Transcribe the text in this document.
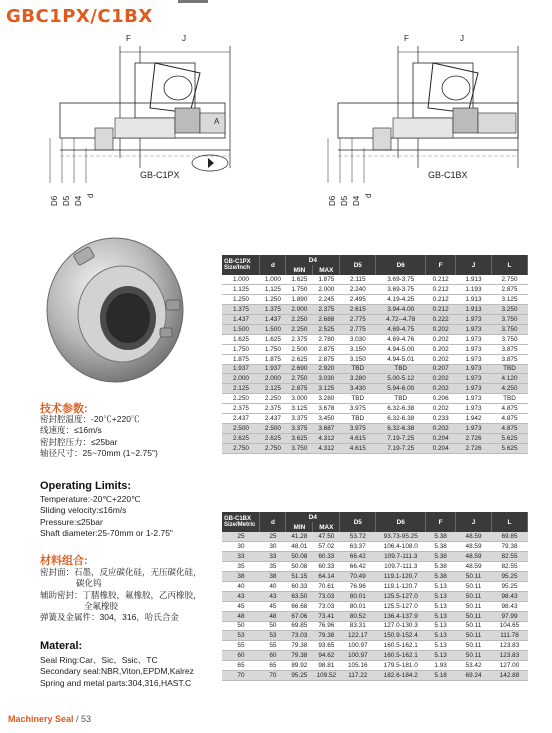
GBC1PX/C1BX
F	J
A
GB-C1PX
D6 D5 D4 d
F	J
GB-C1BX
D6 D5 D4 d
技术参数:
密封腔温度：-20℃+220℃
线速度：≤16m/s
密封腔压力：≤25bar
轴径尺寸：25~70mm (1~2.75")
Operating Limits:
Temperature:-20℃+220℃
Sliding velocity:≤16m/s
Pressure:≤25bar
Shaft diameter:25-70mm or 1-2.75"
材料组合:
密封面：石墨，反应碳化硅，无压碳化硅，
碳化钨
辅助密封：丁腈橡胶，氟橡胶，乙丙橡胶，
全氟橡胶
弹簧及金属件：304，316，哈氏合金
Materal:
Seal Ring:Car、Sic、Ssic、TC
Secondary seal:NBR,Viton,EPDM,Kalrez
Spring and metal parts:304,316,HAST.C
GB-C1PX
Size/Inch	d	D4		D5	D6	F	J	L
		MIN	MAX					
1.000	1.000	1.625	1.875	2.115	3.69-3.75	0.212	1.913	2.750
1.125	1.125	1.750	2.000	2.240	3.69-3.75	0.212	1.193	2.875
1.250	1.250	1.890	2.245	2.495	4.19-4.25	0.212	1.913	3.125
1.375	1.375	2.000	2.375	2.615	3.94-4.00	0.212	1.913	3.250
1.437	1.437	2.250	2.688	2.775	4.72--4.78	0.222	1.973	3.750
1.500	1.500	2.250	2.525	2.775	4.69-4.75	0.202	1.973	3.750
1.625	1.625	2.375	2.780	3.030	4.69-4.76	0.202	1.973	3.750
1.750	1.750	2.500	2.875	3.150	4.94-5.00	0.202	1.973	3.875
1.875	1.875	2.625	2.875	3.150	4.94-5.01	0.202	1.973	3.875
1.937	1.937	2.690	2.920	TBD	TBD	0.207	1.973	TBD
2.000	2.000	2.750	3.030	3.280	5.00-5.12	0.202	1.973	4.120
2.125	2.125	2.875	3.125	3.430	5.94-6.00	0.202	1.973	4.250
2.250	2.250	3.000	3.280	TBD	TBD	0.206	1.973	TBD
2.375	2.375	3.125	3.678	3.975	6.32-6.38	0.202	1.973	4.875
2.437	2.437	3.375	3.450	TBD	6.32-6.38	0.233	1.942	4.875
2.500	2.500	3.375	3.687	3.975	6.32-6.38	0.202	1.973	4.875
2.625	2.625	3.625	4.312	4.615	7.19-7.25	0.204	2.726	5.625
2.750	2.750	3.750	4.312	4.615	7.19-7.25	0.204	2.726	5.625
GB-C1BX
Size/Metric	d	D4		D5	D6	F	J	L
		MIN	MAX					
25	25	41.28	47.50	53.72	93.73-95.25	5.38	48.59	69.85
30	30	48.01	57.02	63.37	106.4-108.0	5.38	48.59	79.38
33	33	50.08	60.33	66.42	109.7-111.3	5.38	48.59	82.55
35	35	50.08	60.33	66.42	109.7-111.3	5.38	48.59	82.55
38	38	51.15	64.14	70.49	119.1-120.7	5.38	50.11	95.25
40	40	60.33	70.61	76.96	119.1-120.7	5.13	50.11	95.25
43	43	63.50	73.03	80.01	125.5-127.0	5.13	50.11	98.43
45	45	66.68	73.03	80.01	125.5-127.0	5.13	50.11	98.43
48	48	67.06	73.41	80.52	136.4-137.9	5.13	50.11	97.99
50	50	69.85	76.96	83.31	127.0-130.3	5.13	50.11	104.65
53	53	73.03	79.38	122.17	150.9-152.4	5.13	50.11	111.78
55	55	79.38	93.65	100.97	160.5-162.1	5.13	50.11	123.83
60	60	79.38	94.62	100.97	160.5-162.1	5.13	50.11	123.83
65	65	89.92	98.81	105.16	179.5-181.0	1.93	53.42	127.00
70	70	95.25	109.52	117.22	182.6-184.2	5.18	69.24	142.88
Machinery Seal / 53
